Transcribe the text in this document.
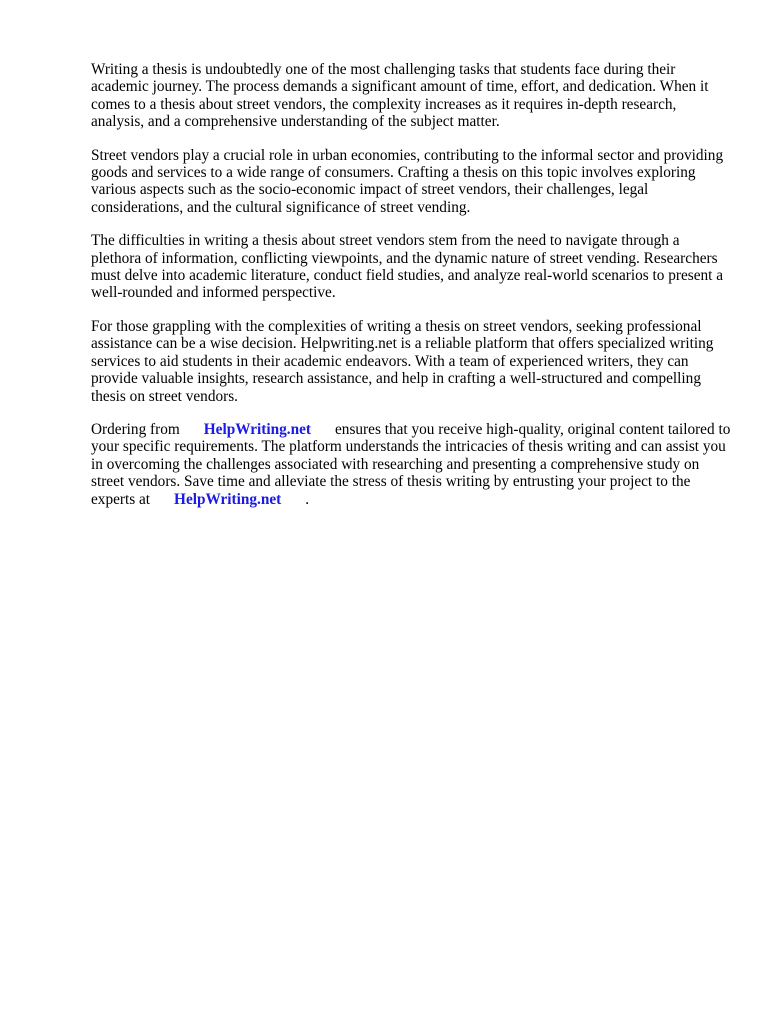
Writing a thesis is undoubtedly one of the most challenging tasks that students face during their academic journey. The process demands a significant amount of time, effort, and dedication. When it comes to a thesis about street vendors, the complexity increases as it requires in-depth research, analysis, and a comprehensive understanding of the subject matter.

Street vendors play a crucial role in urban economies, contributing to the informal sector and providing goods and services to a wide range of consumers. Crafting a thesis on this topic involves exploring various aspects such as the socio-economic impact of street vendors, their challenges, legal considerations, and the cultural significance of street vending.

The difficulties in writing a thesis about street vendors stem from the need to navigate through a plethora of information, conflicting viewpoints, and the dynamic nature of street vending. Researchers must delve into academic literature, conduct field studies, and analyze real-world scenarios to present a well-rounded and informed perspective.

For those grappling with the complexities of writing a thesis on street vendors, seeking professional assistance can be a wise decision. Helpwriting.net is a reliable platform that offers specialized writing services to aid students in their academic endeavors. With a team of experienced writers, they can provide valuable insights, research assistance, and help in crafting a well-structured and compelling thesis on street vendors.

Ordering from HelpWriting.net ensures that you receive high-quality, original content tailored to your specific requirements. The platform understands the intricacies of thesis writing and can assist you in overcoming the challenges associated with researching and presenting a comprehensive study on street vendors. Save time and alleviate the stress of thesis writing by entrusting your project to the experts at HelpWriting.net .
